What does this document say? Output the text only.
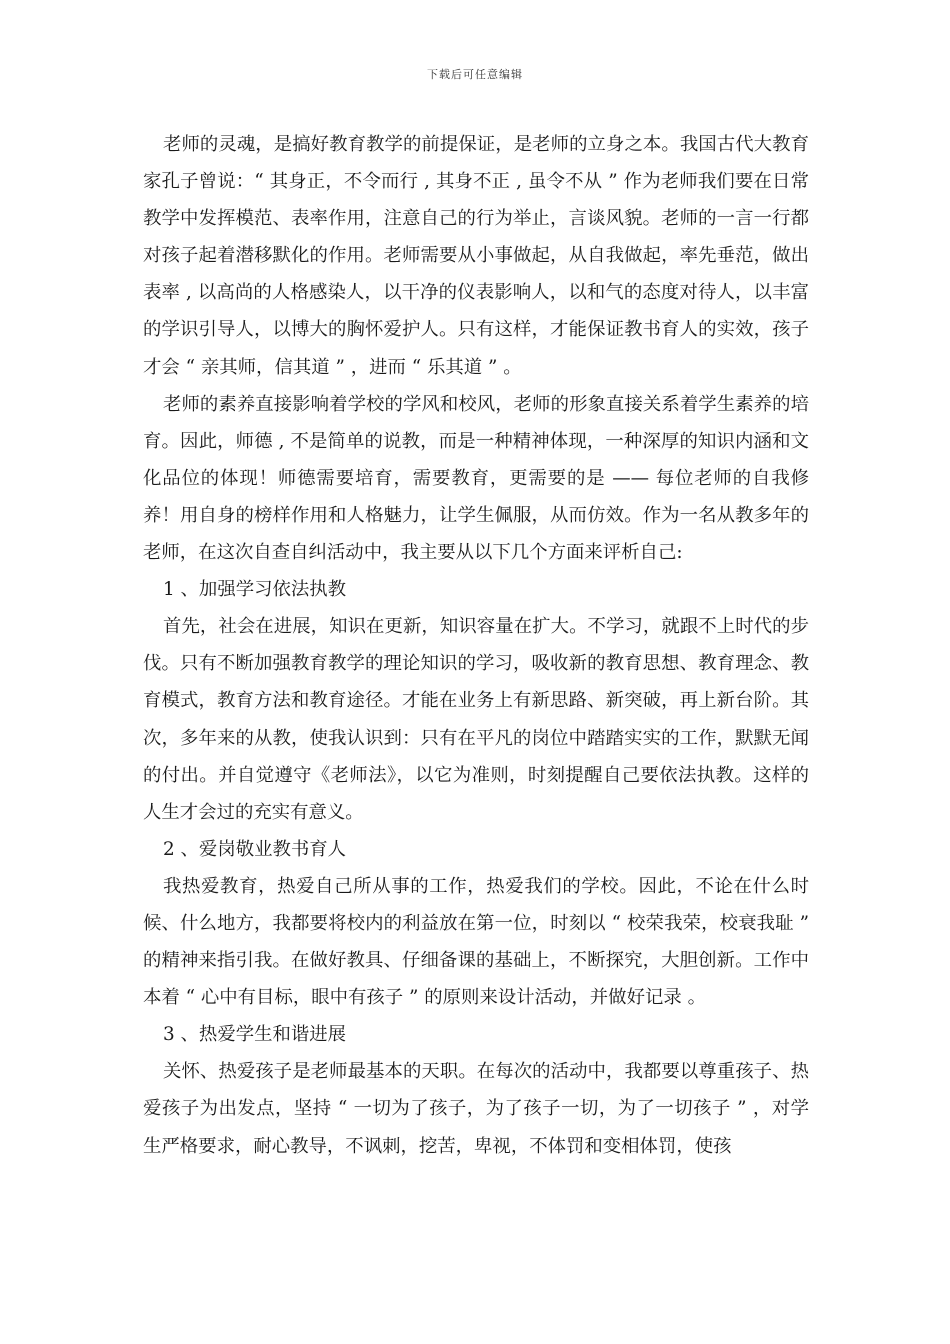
下载后可任意编辑

老师的灵魂，是搞好教育教学的前提保证，是老师的立身之本。我国古代大教育家孔子曾说：“ 其身正，不令而行 , 其身不正 , 虽令不从 ” 作为老师我们要在日常教学中发挥模范、表率作用，注意自己的行为举止，言谈风貌。老师的一言一行都对孩子起着潜移默化的作用。老师需要从小事做起，从自我做起，率先垂范，做出表率 , 以高尚的人格感染人，以干净的仪表影响人，以和气的态度对待人，以丰富的学识引导人，以博大的胸怀爱护人。只有这样，才能保证教书育人的实效，孩子才会 “ 亲其师，信其道 ” ，进而 “ 乐其道 ” 。

老师的素养直接影响着学校的学风和校风，老师的形象直接关系着学生素养的培育。因此，师德 , 不是简单的说教，而是一种精神体现，一种深厚的知识内涵和文化品位的体现！师德需要培育，需要教育，更需要的是 —— 每位老师的自我修养！用自身的榜样作用和人格魅力，让学生佩服，从而仿效。作为一名从教多年的老师，在这次自查自纠活动中，我主要从以下几个方面来评析自己:

1 、加强学习依法执教

首先，社会在进展，知识在更新，知识容量在扩大。不学习，就跟不上时代的步伐。只有不断加强教育教学的理论知识的学习，吸收新的教育思想、教育理念、教育模式，教育方法和教育途径。才能在业务上有新思路、新突破，再上新台阶。其次，多年来的从教，使我认识到：只有在平凡的岗位中踏踏实实的工作，默默无闻的付出。并自觉遵守《老师法》，以它为准则，时刻提醒自己要依法执教。这样的人生才会过的充实有意义。

2 、爱岗敬业教书育人

我热爱教育，热爱自己所从事的工作，热爱我们的学校。因此，不论在什么时候、什么地方，我都要将校内的利益放在第一位，时刻以 “ 校荣我荣，校衰我耻 ” 的精神来指引我。在做好教具、仔细备课的基础上，不断探究，大胆创新。工作中本着 “ 心中有目标，眼中有孩子 ” 的原则来设计活动，并做好记录 。

3 、热爱学生和谐进展

关怀、热爱孩子是老师最基本的天职。在每次的活动中，我都要以尊重孩子、热爱孩子为出发点，坚持 “ 一切为了孩子，为了孩子一切，为了一切孩子 ” ，对学生严格要求，耐心教导，不讽刺，挖苦，卑视，不体罚和变相体罚，使孩
